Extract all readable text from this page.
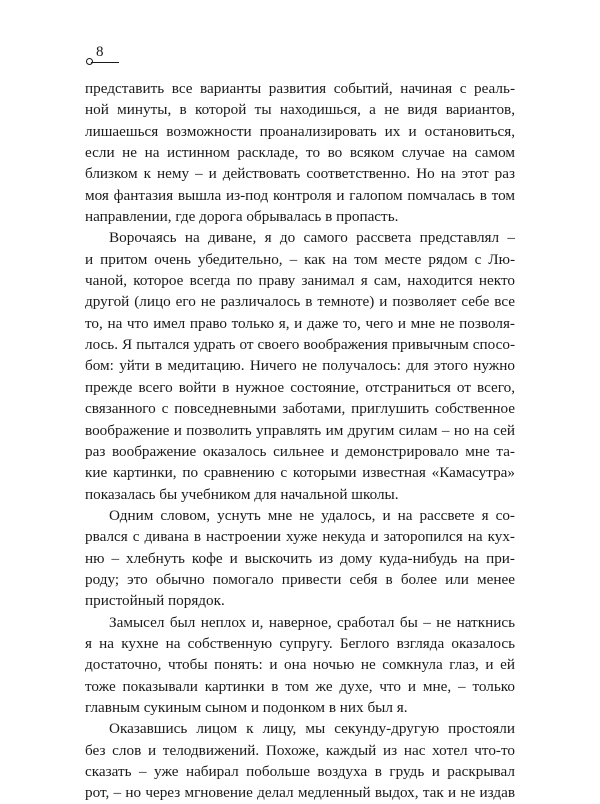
8

представить все варианты развития событий, начиная с реаль-
ной минуты, в которой ты находишься, а не видя вариантов,
лишаешься возможности проанализировать их и остановиться,
если не на истинном раскладе, то во всяком случае на самом
близком к нему – и действовать соответственно. Но на этот раз
моя фантазия вышла из-под контроля и галопом помчалась в том
направлении, где дорога обрывалась в пропасть.

Ворочаясь на диване, я до самого рассвета представлял –
и притом очень убедительно, – как на том месте рядом с Лю-
чаной, которое всегда по праву занимал я сам, находится некто
другой (лицо его не различалось в темноте) и позволяет себе все
то, на что имел право только я, и даже то, чего и мне не позволя-
лось. Я пытался удрать от своего воображения привычным спосо-
бом: уйти в медитацию. Ничего не получалось: для этого нужно
прежде всего войти в нужное состояние, отстраниться от всего,
связанного с повседневными заботами, приглушить собственное
воображение и позволить управлять им другим силам – но на сей
раз воображение оказалось сильнее и демонстрировало мне та-
кие картинки, по сравнению с которыми известная «Камасутра»
показалась бы учебником для начальной школы.

Одним словом, уснуть мне не удалось, и на рассвете я со-
рвался с дивана в настроении хуже некуда и заторопился на кух-
ню – хлебнуть кофе и выскочить из дому куда-нибудь на при-
роду; это обычно помогало привести себя в более или менее
пристойный порядок.

Замысел был неплох и, наверное, сработал бы – не наткнись
я на кухне на собственную супругу. Беглого взгляда оказалось
достаточно, чтобы понять: и она ночью не сомкнула глаз, и ей
тоже показывали картинки в том же духе, что и мне, – только
главным сукиным сыном и подонком в них был я.

Оказавшись лицом к лицу, мы секунду-другую простояли
без слов и телодвижений. Похоже, каждый из нас хотел что-то
сказать – уже набирал побольше воздуха в грудь и раскрывал
рот, – но через мгновение делал медленный выдох, так и не издав
